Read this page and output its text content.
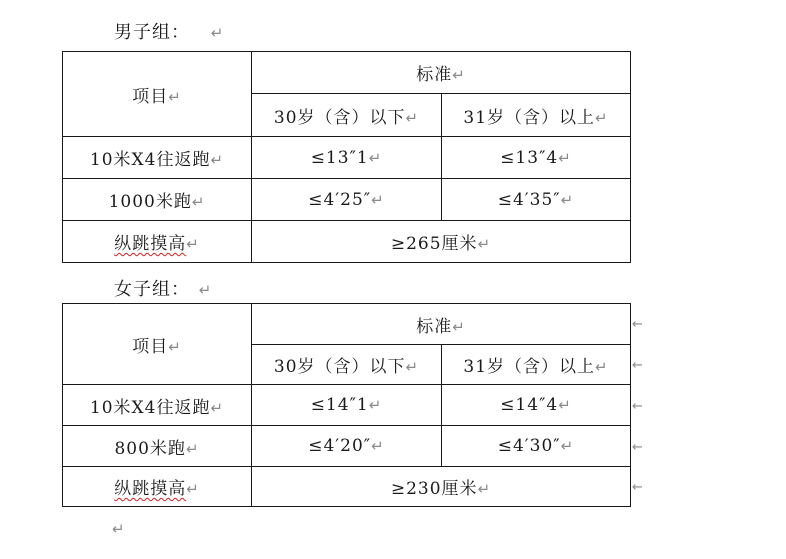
男子组： ↵
项目↵	标准↵	
	30岁（含）以下↵	31岁（含）以上↵
10米X4往返跑↵	≤13″1↵	≤13″4↵
1000米跑↵	≤4′25″↵	≤4′35″↵
纵跳摸高↵	≥265厘米↵	
女子组： ↵
项目↵	标准↵	
	30岁（含）以下↵	31岁（含）以上↵
10米X4往返跑↵	≤14″1↵	≤14″4↵
800米跑↵	≤4′20″↵	≤4′30″↵
纵跳摸高↵	≥230厘米↵	
←
←
←
←
←
↵
